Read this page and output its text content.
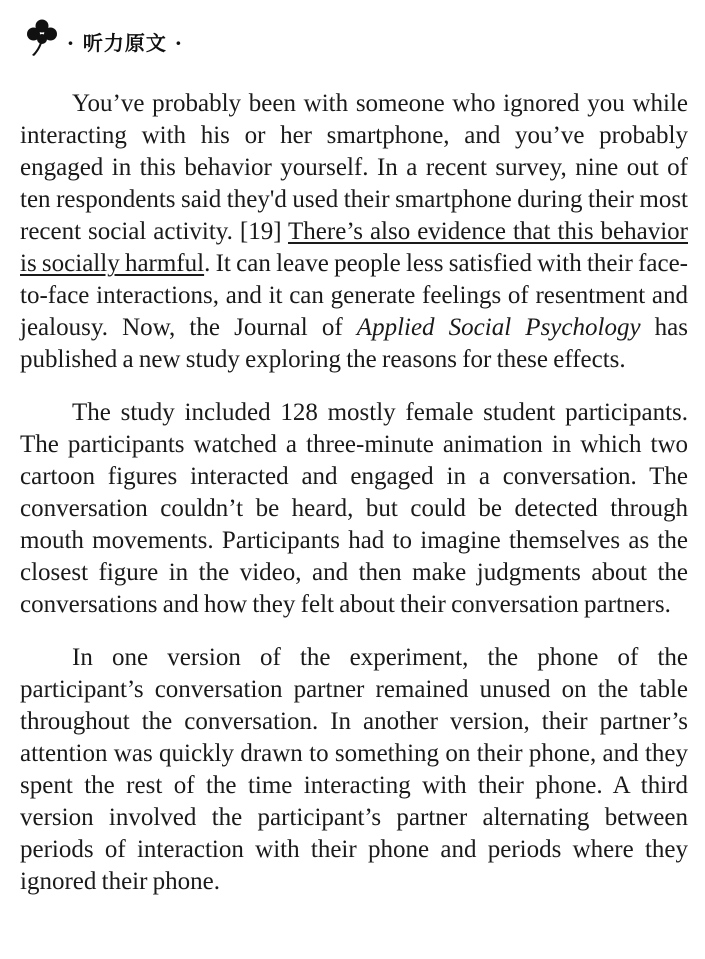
· 听力原文 ·

You’ve probably been with someone who ignored you while interacting with his or her smartphone, and you’ve probably engaged in this behavior yourself. In a recent survey, nine out of ten respondents said they'd used their smartphone during their most recent social activity. [19] There’s also evidence that this behavior is socially harmful. It can leave people less satisfied with their face-to-face interactions, and it can generate feelings of resentment and jealousy. Now, the Journal of Applied Social Psychology has published a new study exploring the reasons for these effects.

The study included 128 mostly female student participants. The participants watched a three-minute animation in which two cartoon figures interacted and engaged in a conversation. The conversation couldn’t be heard, but could be detected through mouth movements. Participants had to imagine themselves as the closest figure in the video, and then make judgments about the conversations and how they felt about their conversation partners.

In one version of the experiment, the phone of the participant’s conversation partner remained unused on the table throughout the conversation. In another version, their partner’s attention was quickly drawn to something on their phone, and they spent the rest of the time interacting with their phone. A third version involved the participant’s partner alternating between periods of interaction with their phone and periods where they ignored their phone.
